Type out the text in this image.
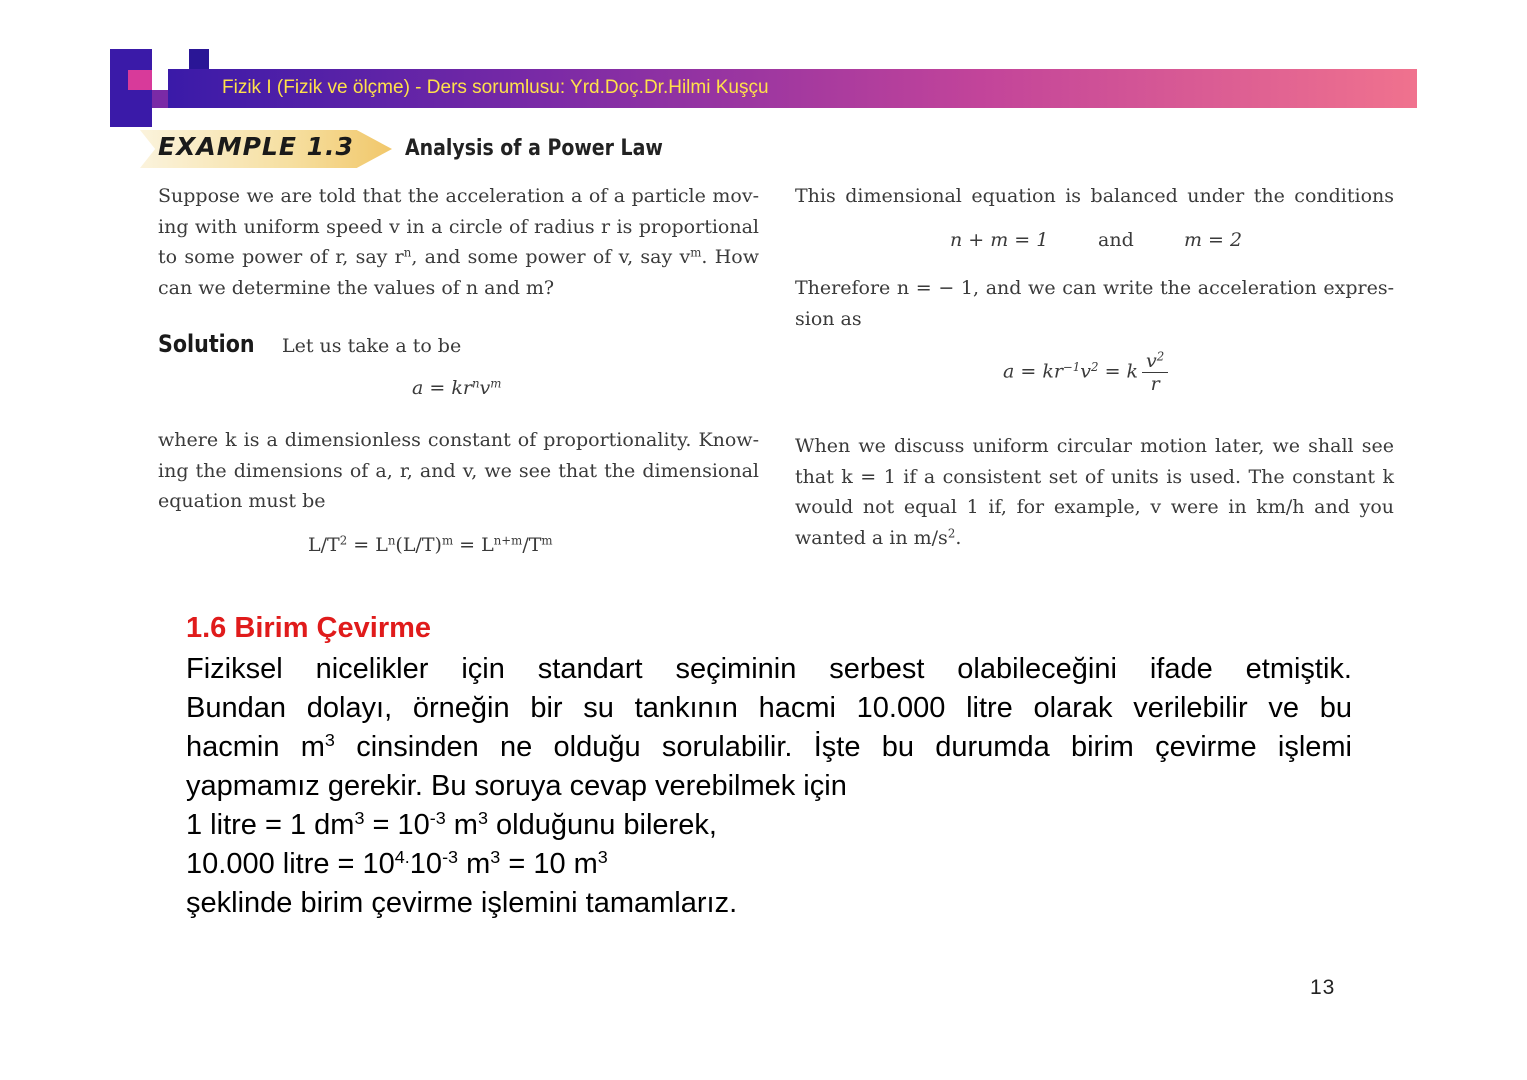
Fizik I (Fizik ve ölçme) - Ders sorumlusu: Yrd.Doç.Dr.Hilmi Kuşçu
EXAMPLE 1.3 Analysis of a Power Law
Suppose we are told that the acceleration a of a particle mov-
ing with uniform speed v in a circle of radius r is proportional
to some power of r, say $r^n$, and some power of v, say $v^m$. How
can we determine the values of n and m?
Solution Let us take a to be
$a = kr^nv^m$
where k is a dimensionless constant of proportionality. Know-
ing the dimensions of a, r, and v, we see that the dimensional
equation must be
$L/T^2 = L^n(L/T)^m = L^{n+m}/T^m$
This dimensional equation is balanced under the conditions
n + m = 1	and	m = 2
Therefore n = − 1, and we can write the acceleration expres-
sion as
$a = kr^{-1}v^2 = k \frac{v^2}{r}$
When we discuss uniform circular motion later, we shall see
that k = 1 if a consistent set of units is used. The constant k
would not equal 1 if, for example, v were in km/h and you
wanted a in $m/s^2$.
1.6 Birim Çevirme
Fiziksel nicelikler için standart seçiminin serbest olabileceğini ifade etmiştik.
Bundan dolayı, örneğin bir su tankının hacmi 10.000 litre olarak verilebilir ve bu
hacmin $m^3$ cinsinden ne olduğu sorulabilir. İşte bu durumda birim çevirme işlemi
yapmamız gerekir. Bu soruya cevap verebilmek için
1 litre = 1 $dm^3 = 10^{-3}$ $m^3$ olduğunu bilerek,
10.000 litre = $10^{4.}10^{-3}$ $m^3 = 10$ $m^3$
şeklinde birim çevirme işlemini tamamlarız.
13
